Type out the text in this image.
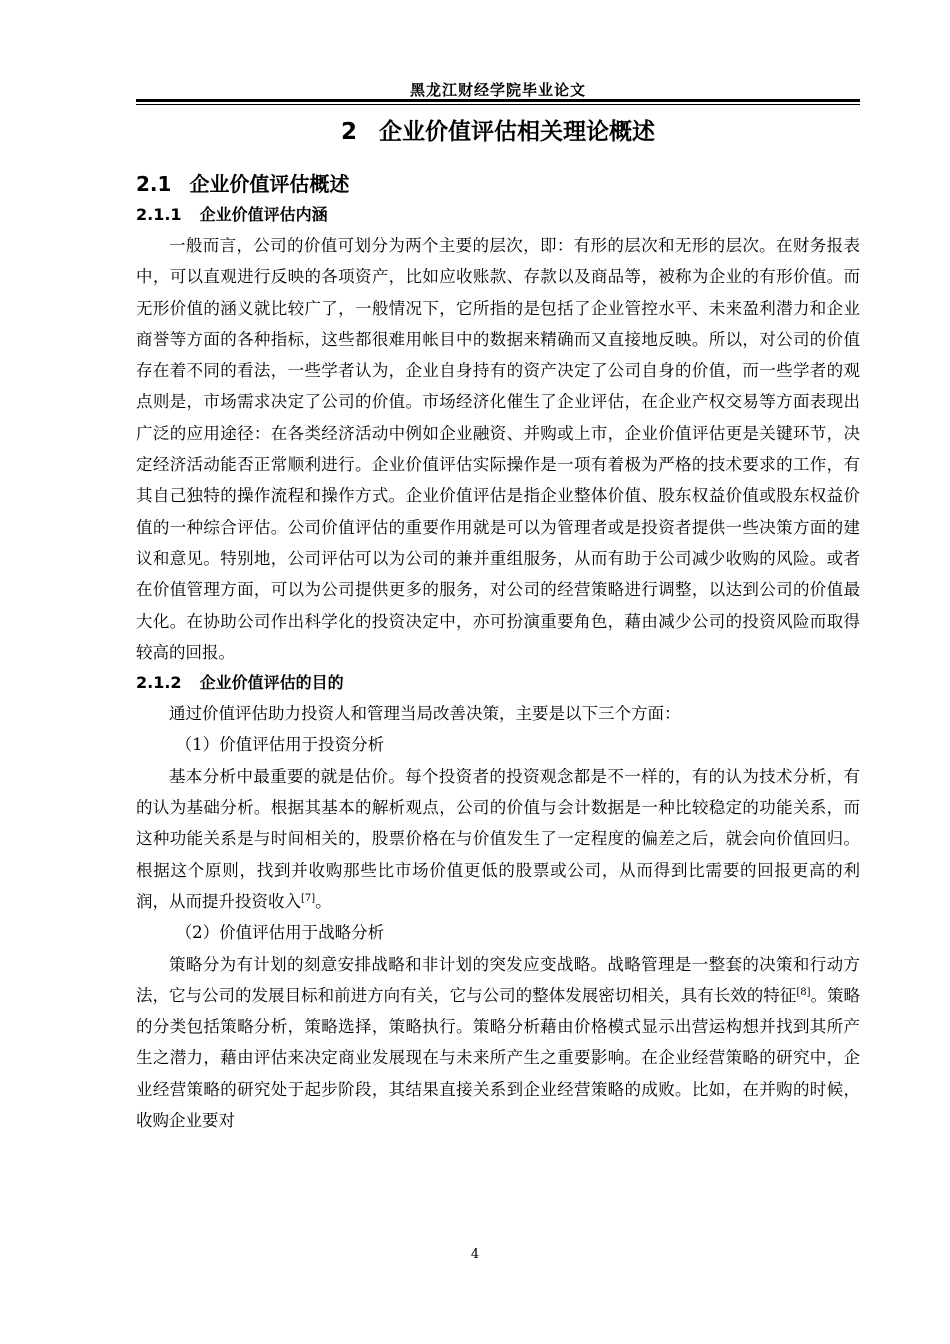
黑龙江财经学院毕业论文
2 企业价值评估相关理论概述
2.1 企业价值评估概述
2.1.1 企业价值评估内涵

一般而言，公司的价值可划分为两个主要的层次，即：有形的层次和无形的层次。在财务报表中，可以直观进行反映的各项资产，比如应收账款、存款以及商品等，被称为企业的有形价值。而无形价值的涵义就比较广了，一般情况下，它所指的是包括了企业管控水平、未来盈利潜力和企业商誉等方面的各种指标，这些都很难用帐目中的数据来精确而又直接地反映。所以，对公司的价值存在着不同的看法，一些学者认为，企业自身持有的资产决定了公司自身的价值，而一些学者的观点则是，市场需求决定了公司的价值。市场经济化催生了企业评估，在企业产权交易等方面表现出广泛的应用途径：在各类经济活动中例如企业融资、并购或上市，企业价值评估更是关键环节，决定经济活动能否正常顺利进行。企业价值评估实际操作是一项有着极为严格的技术要求的工作，有其自己独特的操作流程和操作方式。企业价值评估是指企业整体价值、股东权益价值或股东权益价值的一种综合评估。公司价值评估的重要作用就是可以为管理者或是投资者提供一些决策方面的建议和意见。特别地，公司评估可以为公司的兼并重组服务，从而有助于公司减少收购的风险。或者在价值管理方面，可以为公司提供更多的服务，对公司的经营策略进行调整，以达到公司的价值最大化。在协助公司作出科学化的投资决定中，亦可扮演重要角色，藉由减少公司的投资风险而取得较高的回报。

2.1.2 企业价值评估的目的

通过价值评估助力投资人和管理当局改善决策，主要是以下三个方面：

（1）价值评估用于投资分析

基本分析中最重要的就是估价。每个投资者的投资观念都是不一样的，有的认为技术分析，有的认为基础分析。根据其基本的解析观点，公司的价值与会计数据是一种比较稳定的功能关系，而这种功能关系是与时间相关的，股票价格在与价值发生了一定程度的偏差之后，就会向价值回归。根据这个原则，找到并收购那些比市场价值更低的股票或公司，从而得到比需要的回报更高的利润，从而提升投资收入[7]。

（2）价值评估用于战略分析

策略分为有计划的刻意安排战略和非计划的突发应变战略。战略管理是一整套的决策和行动方法，它与公司的发展目标和前进方向有关，它与公司的整体发展密切相关，具有长效的特征[8]。策略的分类包括策略分析，策略选择，策略执行。策略分析藉由价格模式显示出营运构想并找到其所产生之潜力，藉由评估来决定商业发展现在与未来所产生之重要影响。在企业经营策略的研究中，企业经营策略的研究处于起步阶段，其结果直接关系到企业经营策略的成败。比如，在并购的时候，收购企业要对

4
